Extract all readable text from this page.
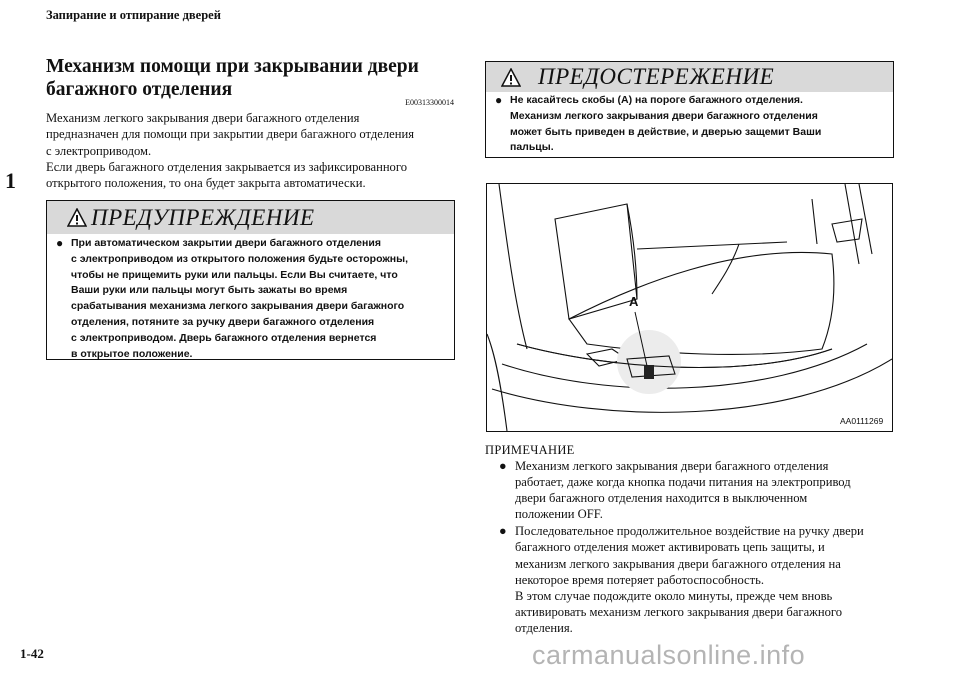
Запирание и отпирание дверей
1
1-42
Механизм помощи при закрывании двери
багажного отделения
E00313300014

Механизм легкого закрывания двери багажного отделения

предназначен для помощи при закрытии двери багажного отделения

с электроприводом.

Если дверь багажного отделения закрывается из зафиксированного

открытого положения, то она будет закрыта автоматически.

ПРЕДУПРЕЖДЕНИЕ
● При автоматическом закрытии двери багажного отделения
с электроприводом из открытого положения будьте осторожны,
чтобы не прищемить руки или пальцы. Если Вы считаете, что
Ваши руки или пальцы могут быть зажаты во время
срабатывания механизма легкого закрывания двери багажного
отделения, потяните за ручку двери багажного отделения
с электроприводом. Дверь багажного отделения вернется
в открытое положение.
ПРЕДОСТЕРЕЖЕНИЕ
● Не касайтесь скобы (A) на пороге багажного отделения.
Механизм легкого закрывания двери багажного отделения
может быть приведен в действие, и дверью защемит Ваши
пальцы.
A
AA0111269
ПРИМЕЧАНИЕ
● Механизм легкого закрывания двери багажного отделения

работает, даже когда кнопка подачи питания на электропривод

двери багажного отделения находится в выключенном

положении OFF.

● Последовательное продолжительное воздействие на ручку двери

багажного отделения может активировать цепь защиты, и

механизм легкого закрывания двери багажного отделения на

некоторое время потеряет работоспособность.

В этом случае подождите около минуты, прежде чем вновь

активировать механизм легкого закрывания двери багажного

отделения.

carmanualsonline.info
